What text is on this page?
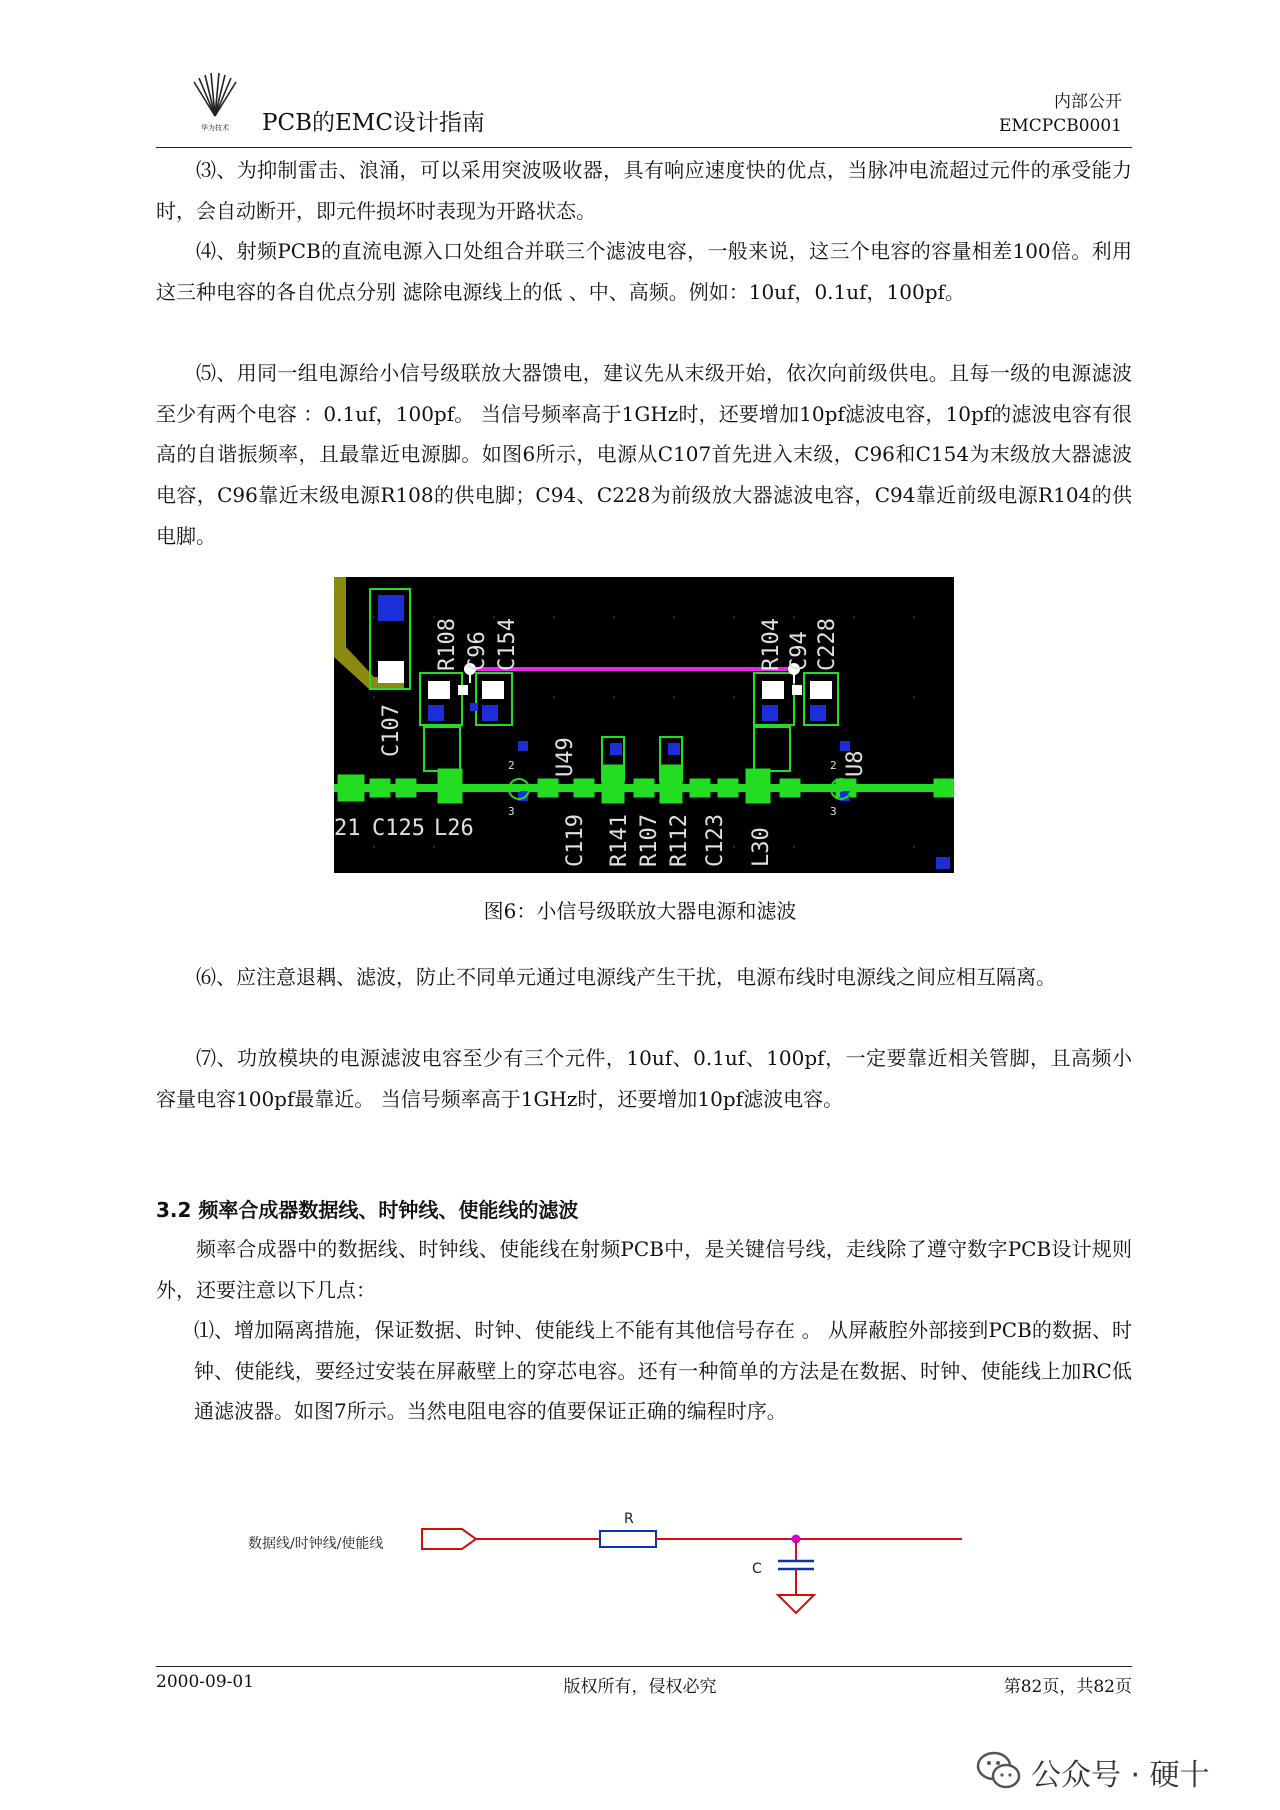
华为技术 PCB的EMC设计指南
内部公开
EMCPCB0001
⑶、为抑制雷击、浪涌，可以采用突波吸收器，具有响应速度快的优点，当脉冲电流超过元件的承受能力时，会自动断开，即元件损坏时表现为开路状态。
⑷、射频PCB的直流电源入口处组合并联三个滤波电容，一般来说，这三个电容的容量相差100倍。利用这三种电容的各自优点分别 滤除电源线上的低 、中、高频。例如：10uf，0.1uf，100pf。
⑸、用同一组电源给小信号级联放大器馈电，建议先从末级开始，依次向前级供电。且每一级的电源滤波至少有两个电容 ：0.1uf，100pf。 当信号频率高于1GHz时，还要增加10pf滤波电容，10pf的滤波电容有很高的自谐振频率，且最靠近电源脚。如图6所示，电源从C107首先进入末级，C96和C154为末级放大器滤波电容，C96靠近末级电源R108的供电脚；C94、C228为前级放大器滤波电容，C94靠近前级电源R104的供电脚。
C107
R108 C96 C154
U49
R104 C94 C228
U8
C119 R141 R107 R112 C123 L30
21 C125 L26
2
3
2
3
图6：小信号级联放大器电源和滤波
⑹、应注意退耦、滤波，防止不同单元通过电源线产生干扰，电源布线时电源线之间应相互隔离。
⑺、功放模块的电源滤波电容至少有三个元件，10uf、0.1uf、100pf，一定要靠近相关管脚，且高频小容量电容100pf最靠近。 当信号频率高于1GHz时，还要增加10pf滤波电容。
3.2 频率合成器数据线、时钟线、使能线的滤波
频率合成器中的数据线、时钟线、使能线在射频PCB中，是关键信号线，走线除了遵守数字PCB设计规则外，还要注意以下几点：
⑴、增加隔离措施，保证数据、时钟、使能线上不能有其他信号存在 。 从屏蔽腔外部接到PCB的数据、时钟、使能线，要经过安装在屏蔽壁上的穿芯电容。还有一种简单的方法是在数据、时钟、使能线上加RC低通滤波器。如图7所示。当然电阻电容的值要保证正确的编程时序。
数据线/时钟线/使能线
R
C
2000-09-01	版权所有，侵权必究	第82页，共82页
公众号 · 硬十
